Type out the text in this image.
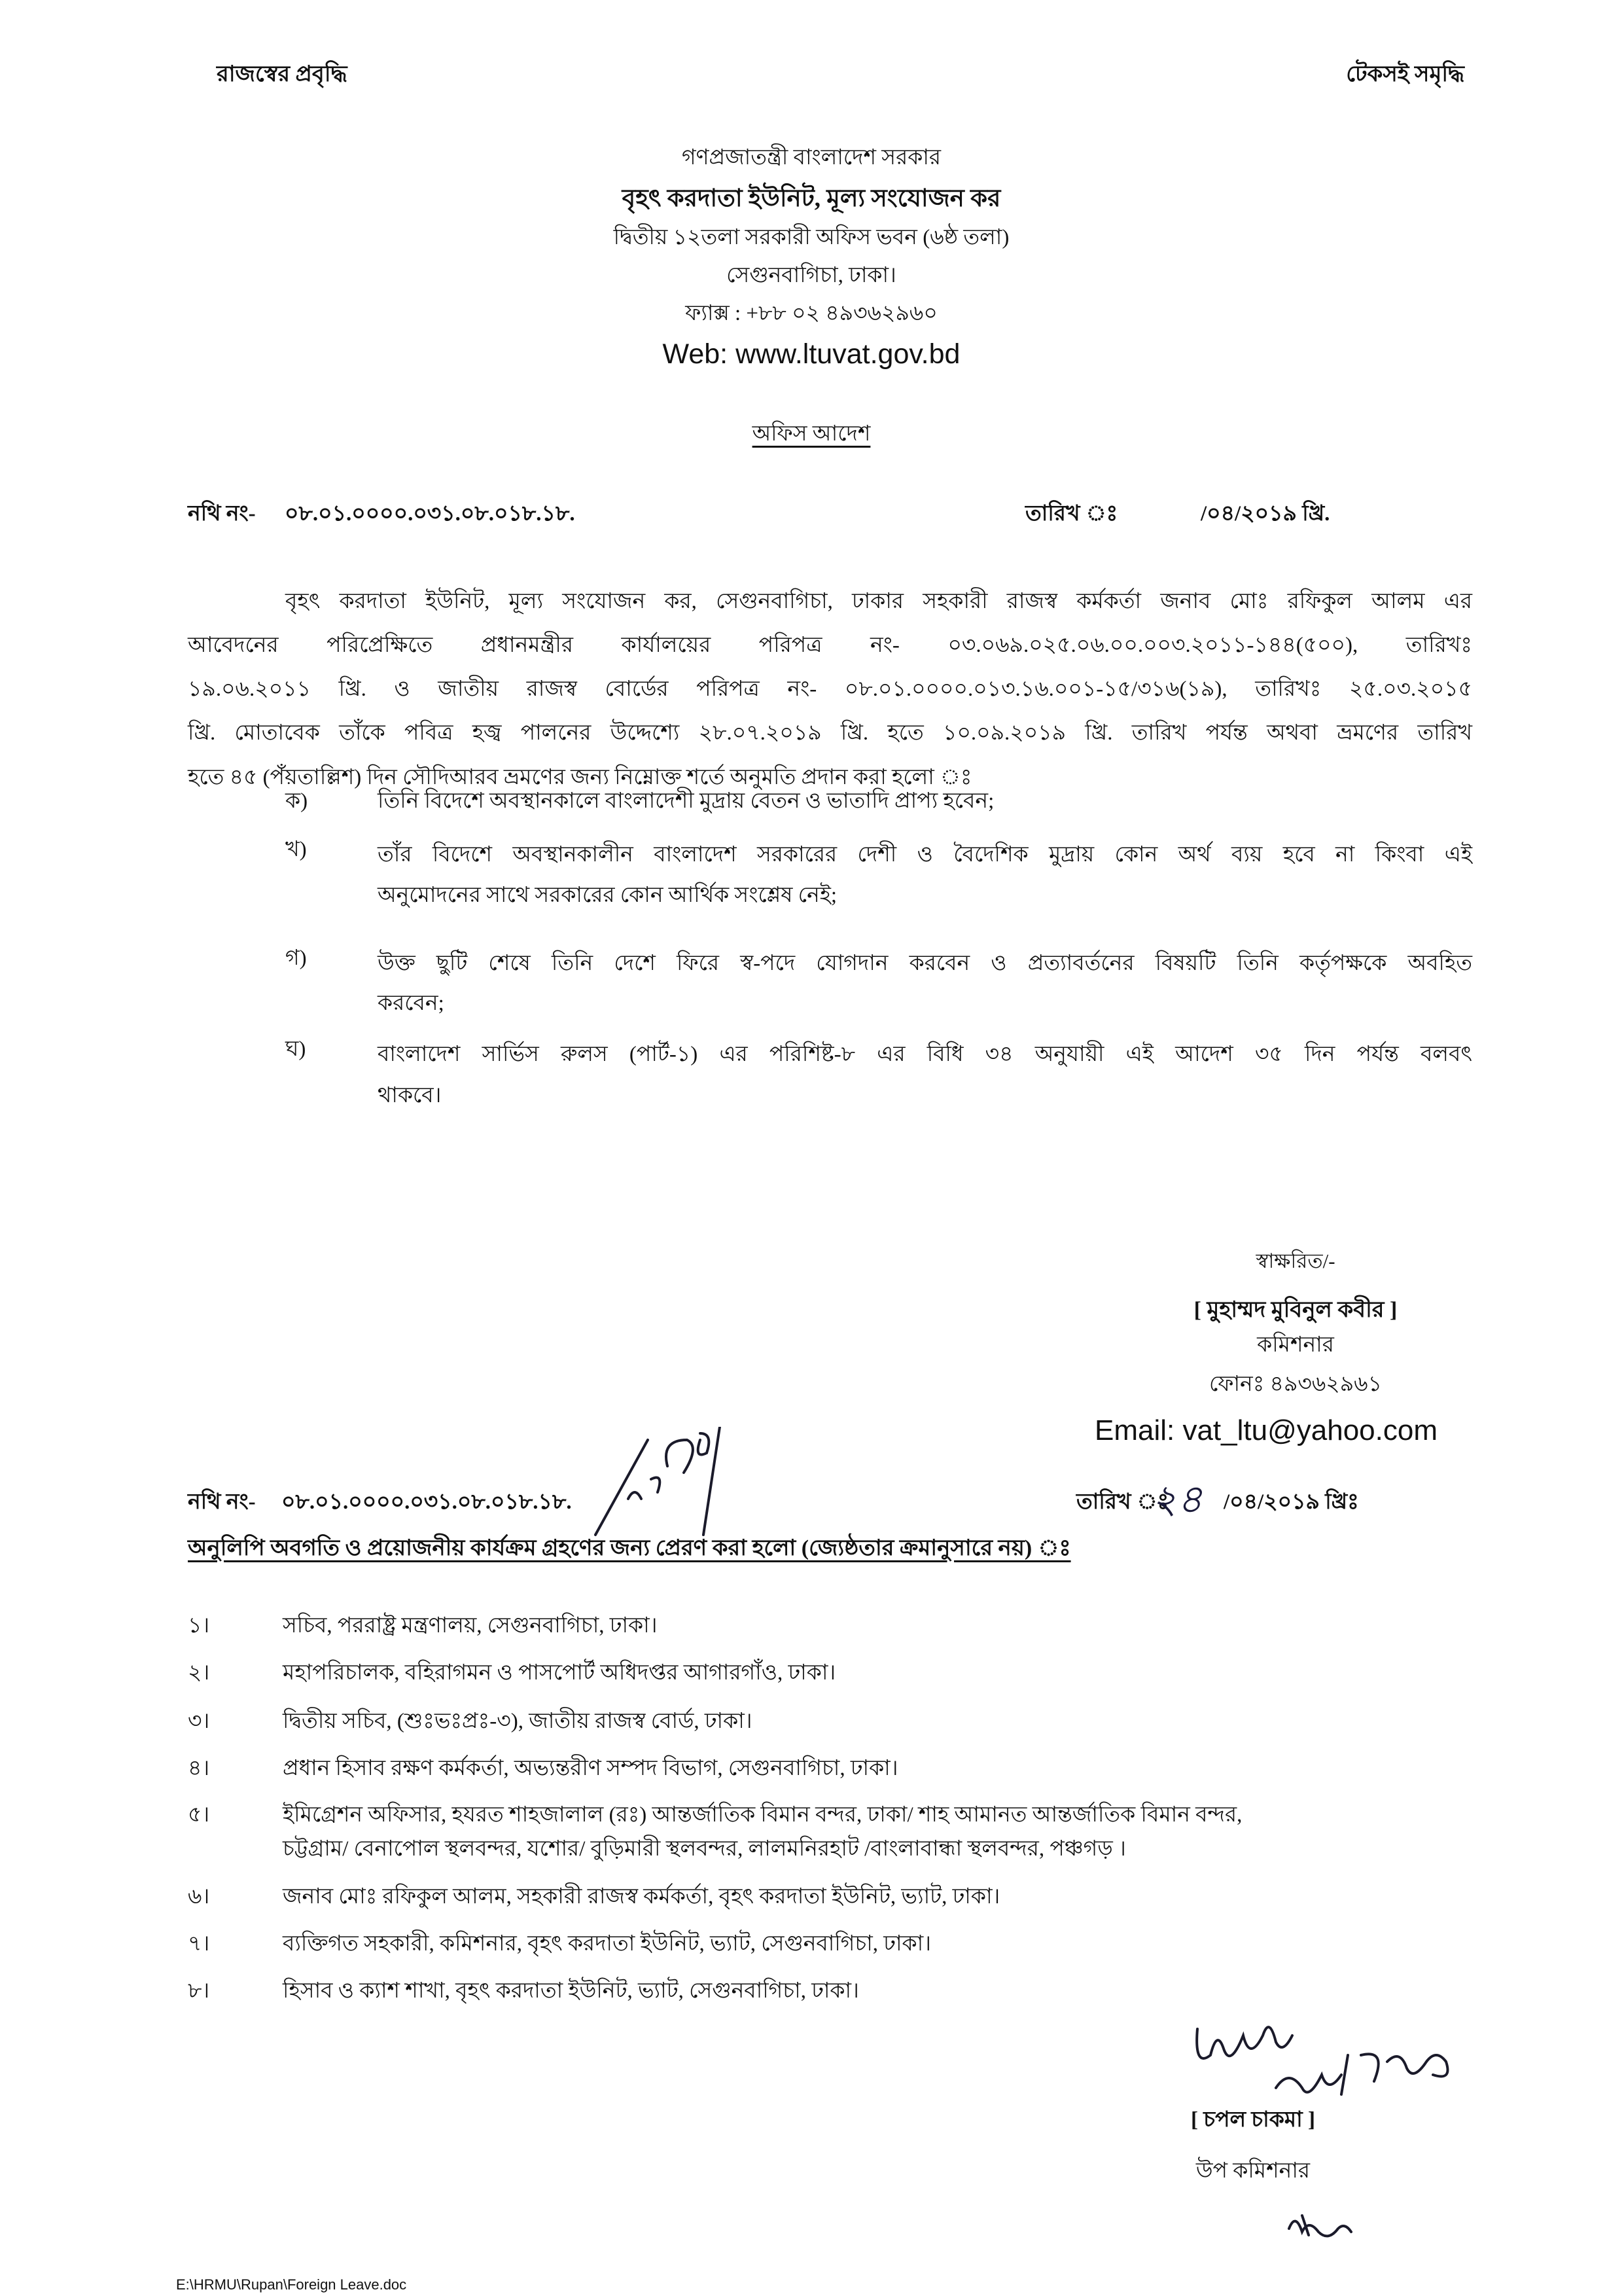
রাজস্বের প্রবৃদ্ধি	টেকসই সমৃদ্ধি
গণপ্রজাতন্ত্রী বাংলাদেশ সরকার
বৃহৎ করদাতা ইউনিট, মূল্য সংযোজন কর
দ্বিতীয় ১২তলা সরকারী অফিস ভবন (৬ষ্ঠ তলা)
সেগুনবাগিচা, ঢাকা।
ফ্যাক্স : +৮৮ ০২ ৪৯৩৬২৯৬০
Web: www.ltuvat.gov.bd
অফিস আদেশ
নথি নং- ০৮.০১.০০০০.০৩১.০৮.০১৮.১৮.	তারিখ ঃ	/০৪/২০১৯ খ্রি.
বৃহৎ করদাতা ইউনিট, মূল্য সংযোজন কর, সেগুনবাগিচা, ঢাকার সহকারী রাজস্ব কর্মকর্তা জনাব মোঃ রফিকুল আলম এর
আবেদনের পরিপ্রেক্ষিতে প্রধানমন্ত্রীর কার্যালয়ের পরিপত্র নং- ০৩.০৬৯.০২৫.০৬.০০.০০৩.২০১১-১৪৪(৫০০), তারিখঃ
১৯.০৬.২০১১ খ্রি. ও জাতীয় রাজস্ব বোর্ডের পরিপত্র নং- ০৮.০১.০০০০.০১৩.১৬.০০১-১৫/৩১৬(১৯), তারিখঃ ২৫.০৩.২০১৫
খ্রি. মোতাবেক তাঁকে পবিত্র হজ্ব পালনের উদ্দেশ্যে ২৮.০৭.২০১৯ খ্রি. হতে ১০.০৯.২০১৯ খ্রি. তারিখ পর্যন্ত অথবা ভ্রমণের তারিখ
হতে ৪৫ (পঁয়তাল্লিশ) দিন সৌদিআরব ভ্রমণের জন্য নিম্নোক্ত শর্তে অনুমতি প্রদান করা হলো ঃ
ক)	তিনি বিদেশে অবস্থানকালে বাংলাদেশী মুদ্রায় বেতন ও ভাতাদি প্রাপ্য হবেন;
খ)	তাঁর বিদেশে অবস্থানকালীন বাংলাদেশ সরকারের দেশী ও বৈদেশিক মুদ্রায় কোন অর্থ ব্যয় হবে না কিংবা এই
অনুমোদনের সাথে সরকারের কোন আর্থিক সংশ্লেষ নেই;
গ)	উক্ত ছুটি শেষে তিনি দেশে ফিরে স্ব-পদে যোগদান করবেন ও প্রত্যাবর্তনের বিষয়টি তিনি কর্তৃপক্ষকে অবহিত
করবেন;
ঘ)	বাংলাদেশ সার্ভিস রুলস (পার্ট-১) এর পরিশিষ্ট-৮ এর বিধি ৩৪ অনুযায়ী এই আদেশ ৩৫ দিন পর্যন্ত বলবৎ
থাকবে।
স্বাক্ষরিত/-
[ মুহাম্মদ মুবিনুল কবীর ]
কমিশনার
ফোনঃ ৪৯৩৬২৯৬১
Email: vat_ltu@yahoo.com
নথি নং- ০৮.০১.০০০০.০৩১.০৮.০১৮.১৮.	তারিখ ঃ
২৪ /০৪/২০১৯ খ্রিঃ
অনুলিপি অবগতি ও প্রয়োজনীয় কার্যক্রম গ্রহণের জন্য প্রেরণ করা হলো (জ্যেষ্ঠতার ক্রমানুসারে নয়) ঃ
১।	সচিব, পররাষ্ট্র মন্ত্রণালয়, সেগুনবাগিচা, ঢাকা।
২।	মহাপরিচালক, বহিরাগমন ও পাসপোর্ট অধিদপ্তর আগারগাঁও, ঢাকা।
৩।	দ্বিতীয় সচিব, (শুঃভঃপ্রঃ-৩), জাতীয় রাজস্ব বোর্ড, ঢাকা।
৪।	প্রধান হিসাব রক্ষণ কর্মকর্তা, অভ্যন্তরীণ সম্পদ বিভাগ, সেগুনবাগিচা, ঢাকা।
৫।	ইমিগ্রেশন অফিসার, হযরত শাহজালাল (রঃ) আন্তর্জাতিক বিমান বন্দর, ঢাকা/ শাহ আমানত আন্তর্জাতিক বিমান বন্দর,
চট্টগ্রাম/ বেনাপোল স্থলবন্দর, যশোর/ বুড়িমারী স্থলবন্দর, লালমনিরহাট /বাংলাবান্ধা স্থলবন্দর, পঞ্চগড় ।
৬।	জনাব মোঃ রফিকুল আলম, সহকারী রাজস্ব কর্মকর্তা, বৃহৎ করদাতা ইউনিট, ভ্যাট, ঢাকা।
৭।	ব্যক্তিগত সহকারী, কমিশনার, বৃহৎ করদাতা ইউনিট, ভ্যাট, সেগুনবাগিচা, ঢাকা।
৮।	হিসাব ও ক্যাশ শাখা, বৃহৎ করদাতা ইউনিট, ভ্যাট, সেগুনবাগিচা, ঢাকা।
[ চপল চাকমা ]
উপ কমিশনার
E:\HRMU\Rupan\Foreign Leave.doc
